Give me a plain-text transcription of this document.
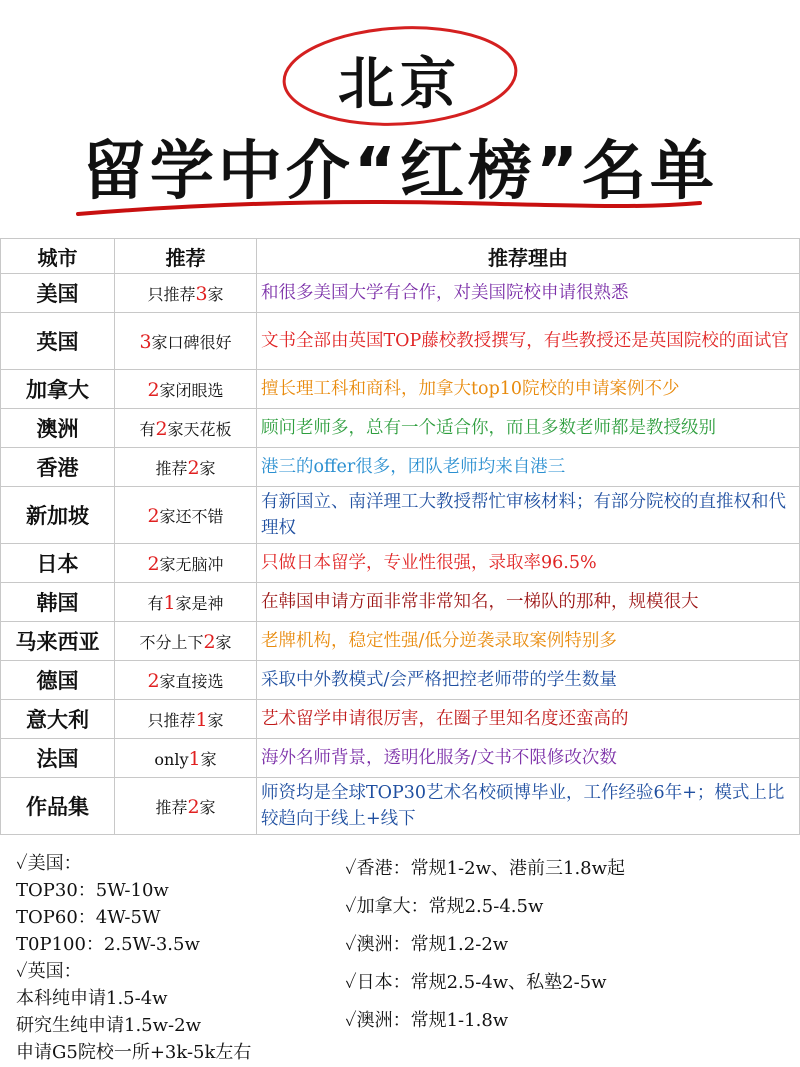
北京
留学中介“红榜”名单
城市	推荐	推荐理由
美国	只推荐3家	和很多美国大学有合作，对美国院校申请很熟悉
英国	3家口碑很好	文书全部由英国TOP藤校教授撰写，有些教授还是英国院校的面试官
加拿大	2家闭眼选	擅长理工科和商科，加拿大top10院校的申请案例不少
澳洲	有2家天花板	顾问老师多，总有一个适合你，而且多数老师都是教授级别
香港	推荐2家	港三的offer很多，团队老师均来自港三
新加坡	2家还不错	有新国立、南洋理工大教授帮忙审核材料；有部分院校的直推权和代理权
日本	2家无脑冲	只做日本留学，专业性很强，录取率96.5%
韩国	有1家是神	在韩国申请方面非常非常知名，一梯队的那种，规模很大
马来西亚	不分上下2家	老牌机构，稳定性强/低分逆袭录取案例特别多
德国	2家直接选	采取中外教模式/会严格把控老师带的学生数量
意大利	只推荐1家	艺术留学申请很厉害，在圈子里知名度还蛮高的
法国	only1家	海外名师背景，透明化服务/文书不限修改次数
作品集	推荐2家	师资均是全球TOP30艺术名校硕博毕业，工作经验6年+；模式上比较趋向于线上+线下
✓美国：
TOP30：5W-10w
TOP60：4W-5W
T0P100：2.5W-3.5w
✓英国：
本科纯申请1.5-4w
研究生纯申请1.5w-2w
申请G5院校一所+3k-5k左右
✓香港：常规1-2w、港前三1.8w起
✓加拿大：常规2.5-4.5w
✓澳洲：常规1.2-2w
✓日本：常规2.5-4w、私塾2-5w
✓澳洲：常规1-1.8w
